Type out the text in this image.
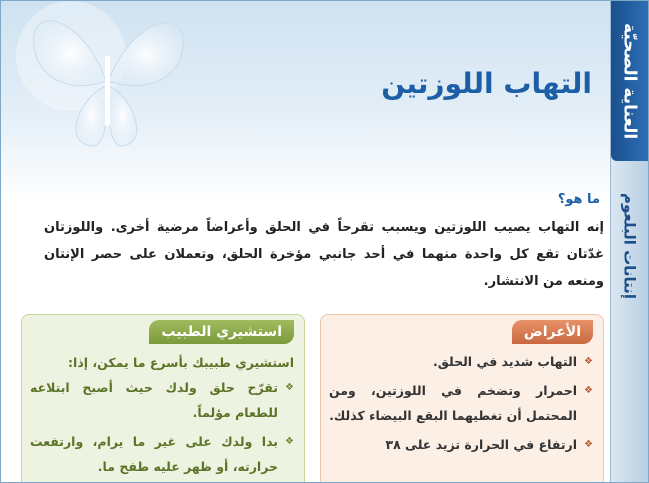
العناية الصحيّة
إنتانات البلعوم
التهاب اللوزتين
ما هو؟
إنه التهاب يصيب اللوزتين ويسبب تقرحاً في الحلق وأعراضاً مرضية أخرى. واللوزتان غدّتان تقع كل واحدة منهما في أحد جانبي مؤخرة الحلق، وتعملان على حصر الإنتان ومنعه من الانتشار.
الأعراض
❖
التهاب شديد في الحلق.
❖
احمرار وتضخم في اللوزتين، ومن المحتمل أن تغطيهما البقع البيضاء كذلك.
❖
ارتفاع في الحرارة تزيد على ٣٨
استشيري الطبيب
استشيري طبيبك بأسرع ما يمكن، إذا:
❖
تقرّح حلق ولدك حيث أصبح ابتلاعه للطعام مؤلماً.
❖
بدا ولدك على غير ما يرام، وارتفعت حرارته، أو ظهر عليه طفح ما.
